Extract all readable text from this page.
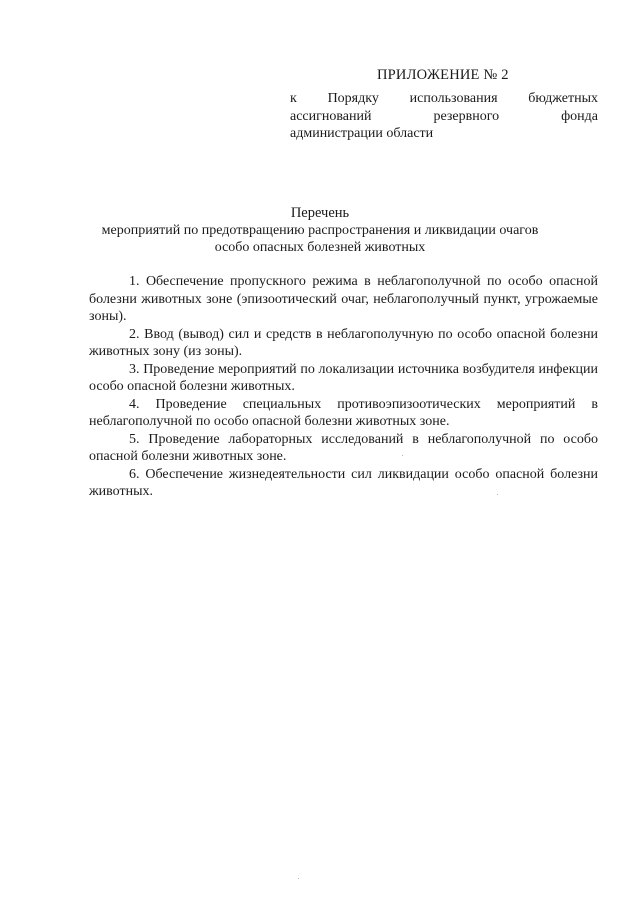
ПРИЛОЖЕНИЕ № 2
к Порядку использования бюджетных
ассигнований резервного фонда
администрации области
Перечень
мероприятий по предотвращению распространения и ликвидации очагов
особо опасных болезней животных

1. Обеспечение пропускного режима в неблагополучной по особо опасной болезни животных зоне (эпизоотический очаг, неблагополучный пункт, угрожаемые зоны).

2. Ввод (вывод) сил и средств в неблагополучную по особо опасной болезни животных зону (из зоны).

3. Проведение мероприятий по локализации источника возбудителя инфекции особо опасной болезни животных.

4. Проведение специальных противоэпизоотических мероприятий в неблагополучной по особо опасной болезни животных зоне.

5. Проведение лабораторных исследований в неблагополучной по особо опасной болезни животных зоне.

6. Обеспечение жизнедеятельности сил ликвидации особо опасной болезни животных.
